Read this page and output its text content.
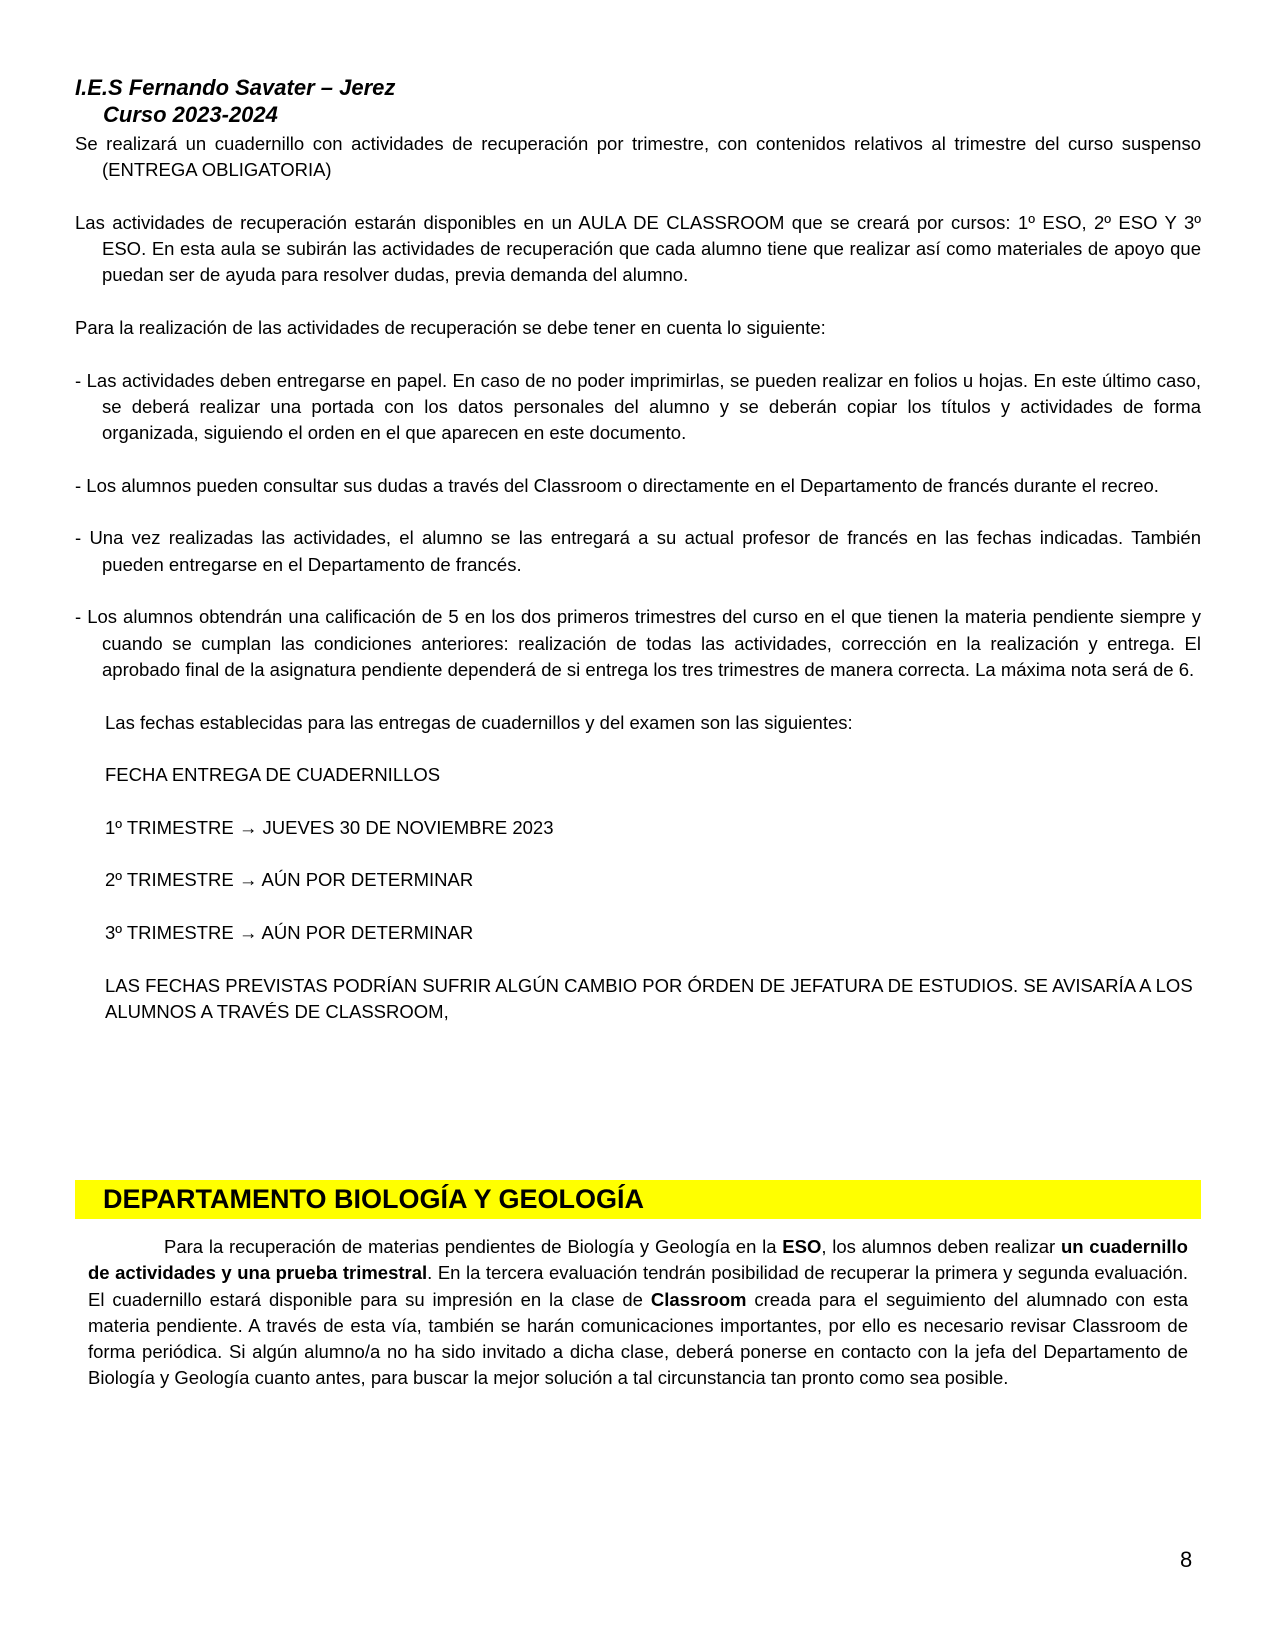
I.E.S Fernando Savater – Jerez
Curso 2023-2024

Se realizará un cuadernillo con actividades de recuperación por trimestre, con contenidos relativos al trimestre del curso suspenso (ENTREGA OBLIGATORIA)

Las actividades de recuperación estarán disponibles en un AULA DE CLASSROOM que se creará por cursos: 1º ESO, 2º ESO Y 3º ESO. En esta aula se subirán las actividades de recuperación que cada alumno tiene que realizar así como materiales de apoyo que puedan ser de ayuda para resolver dudas, previa demanda del alumno.

Para la realización de las actividades de recuperación se debe tener en cuenta lo siguiente:

- Las actividades deben entregarse en papel. En caso de no poder imprimirlas, se pueden realizar en folios u hojas. En este último caso, se deberá realizar una portada con los datos personales del alumno y se deberán copiar los títulos y actividades de forma organizada, siguiendo el orden en el que aparecen en este documento.

- Los alumnos pueden consultar sus dudas a través del Classroom o directamente en el Departamento de francés durante el recreo.

- Una vez realizadas las actividades, el alumno se las entregará a su actual profesor de francés en las fechas indicadas. También pueden entregarse en el Departamento de francés.

- Los alumnos obtendrán una calificación de 5 en los dos primeros trimestres del curso en el que tienen la materia pendiente siempre y cuando se cumplan las condiciones anteriores: realización de todas las actividades, corrección en la realización y entrega. El aprobado final de la asignatura pendiente dependerá de si entrega los tres trimestres de manera correcta. La máxima nota será de 6.

Las fechas establecidas para las entregas de cuadernillos y del examen son las siguientes:

FECHA ENTREGA DE CUADERNILLOS

1º TRIMESTRE → JUEVES 30 DE NOVIEMBRE 2023

2º TRIMESTRE → AÚN POR DETERMINAR

3º TRIMESTRE → AÚN POR DETERMINAR

LAS FECHAS PREVISTAS PODRÍAN SUFRIR ALGÚN CAMBIO POR ÓRDEN DE JEFATURA DE ESTUDIOS. SE AVISARÍA A LOS ALUMNOS A TRAVÉS DE CLASSROOM,

DEPARTAMENTO BIOLOGÍA Y GEOLOGÍA

Para la recuperación de materias pendientes de Biología y Geología en la ESO, los alumnos deben realizar un cuadernillo de actividades y una prueba trimestral. En la tercera evaluación tendrán posibilidad de recuperar la primera y segunda evaluación. El cuadernillo estará disponible para su impresión en la clase de Classroom creada para el seguimiento del alumnado con esta materia pendiente. A través de esta vía, también se harán comunicaciones importantes, por ello es necesario revisar Classroom de forma periódica. Si algún alumno/a no ha sido invitado a dicha clase, deberá ponerse en contacto con la jefa del Departamento de Biología y Geología cuanto antes, para buscar la mejor solución a tal circunstancia tan pronto como sea posible.

8
